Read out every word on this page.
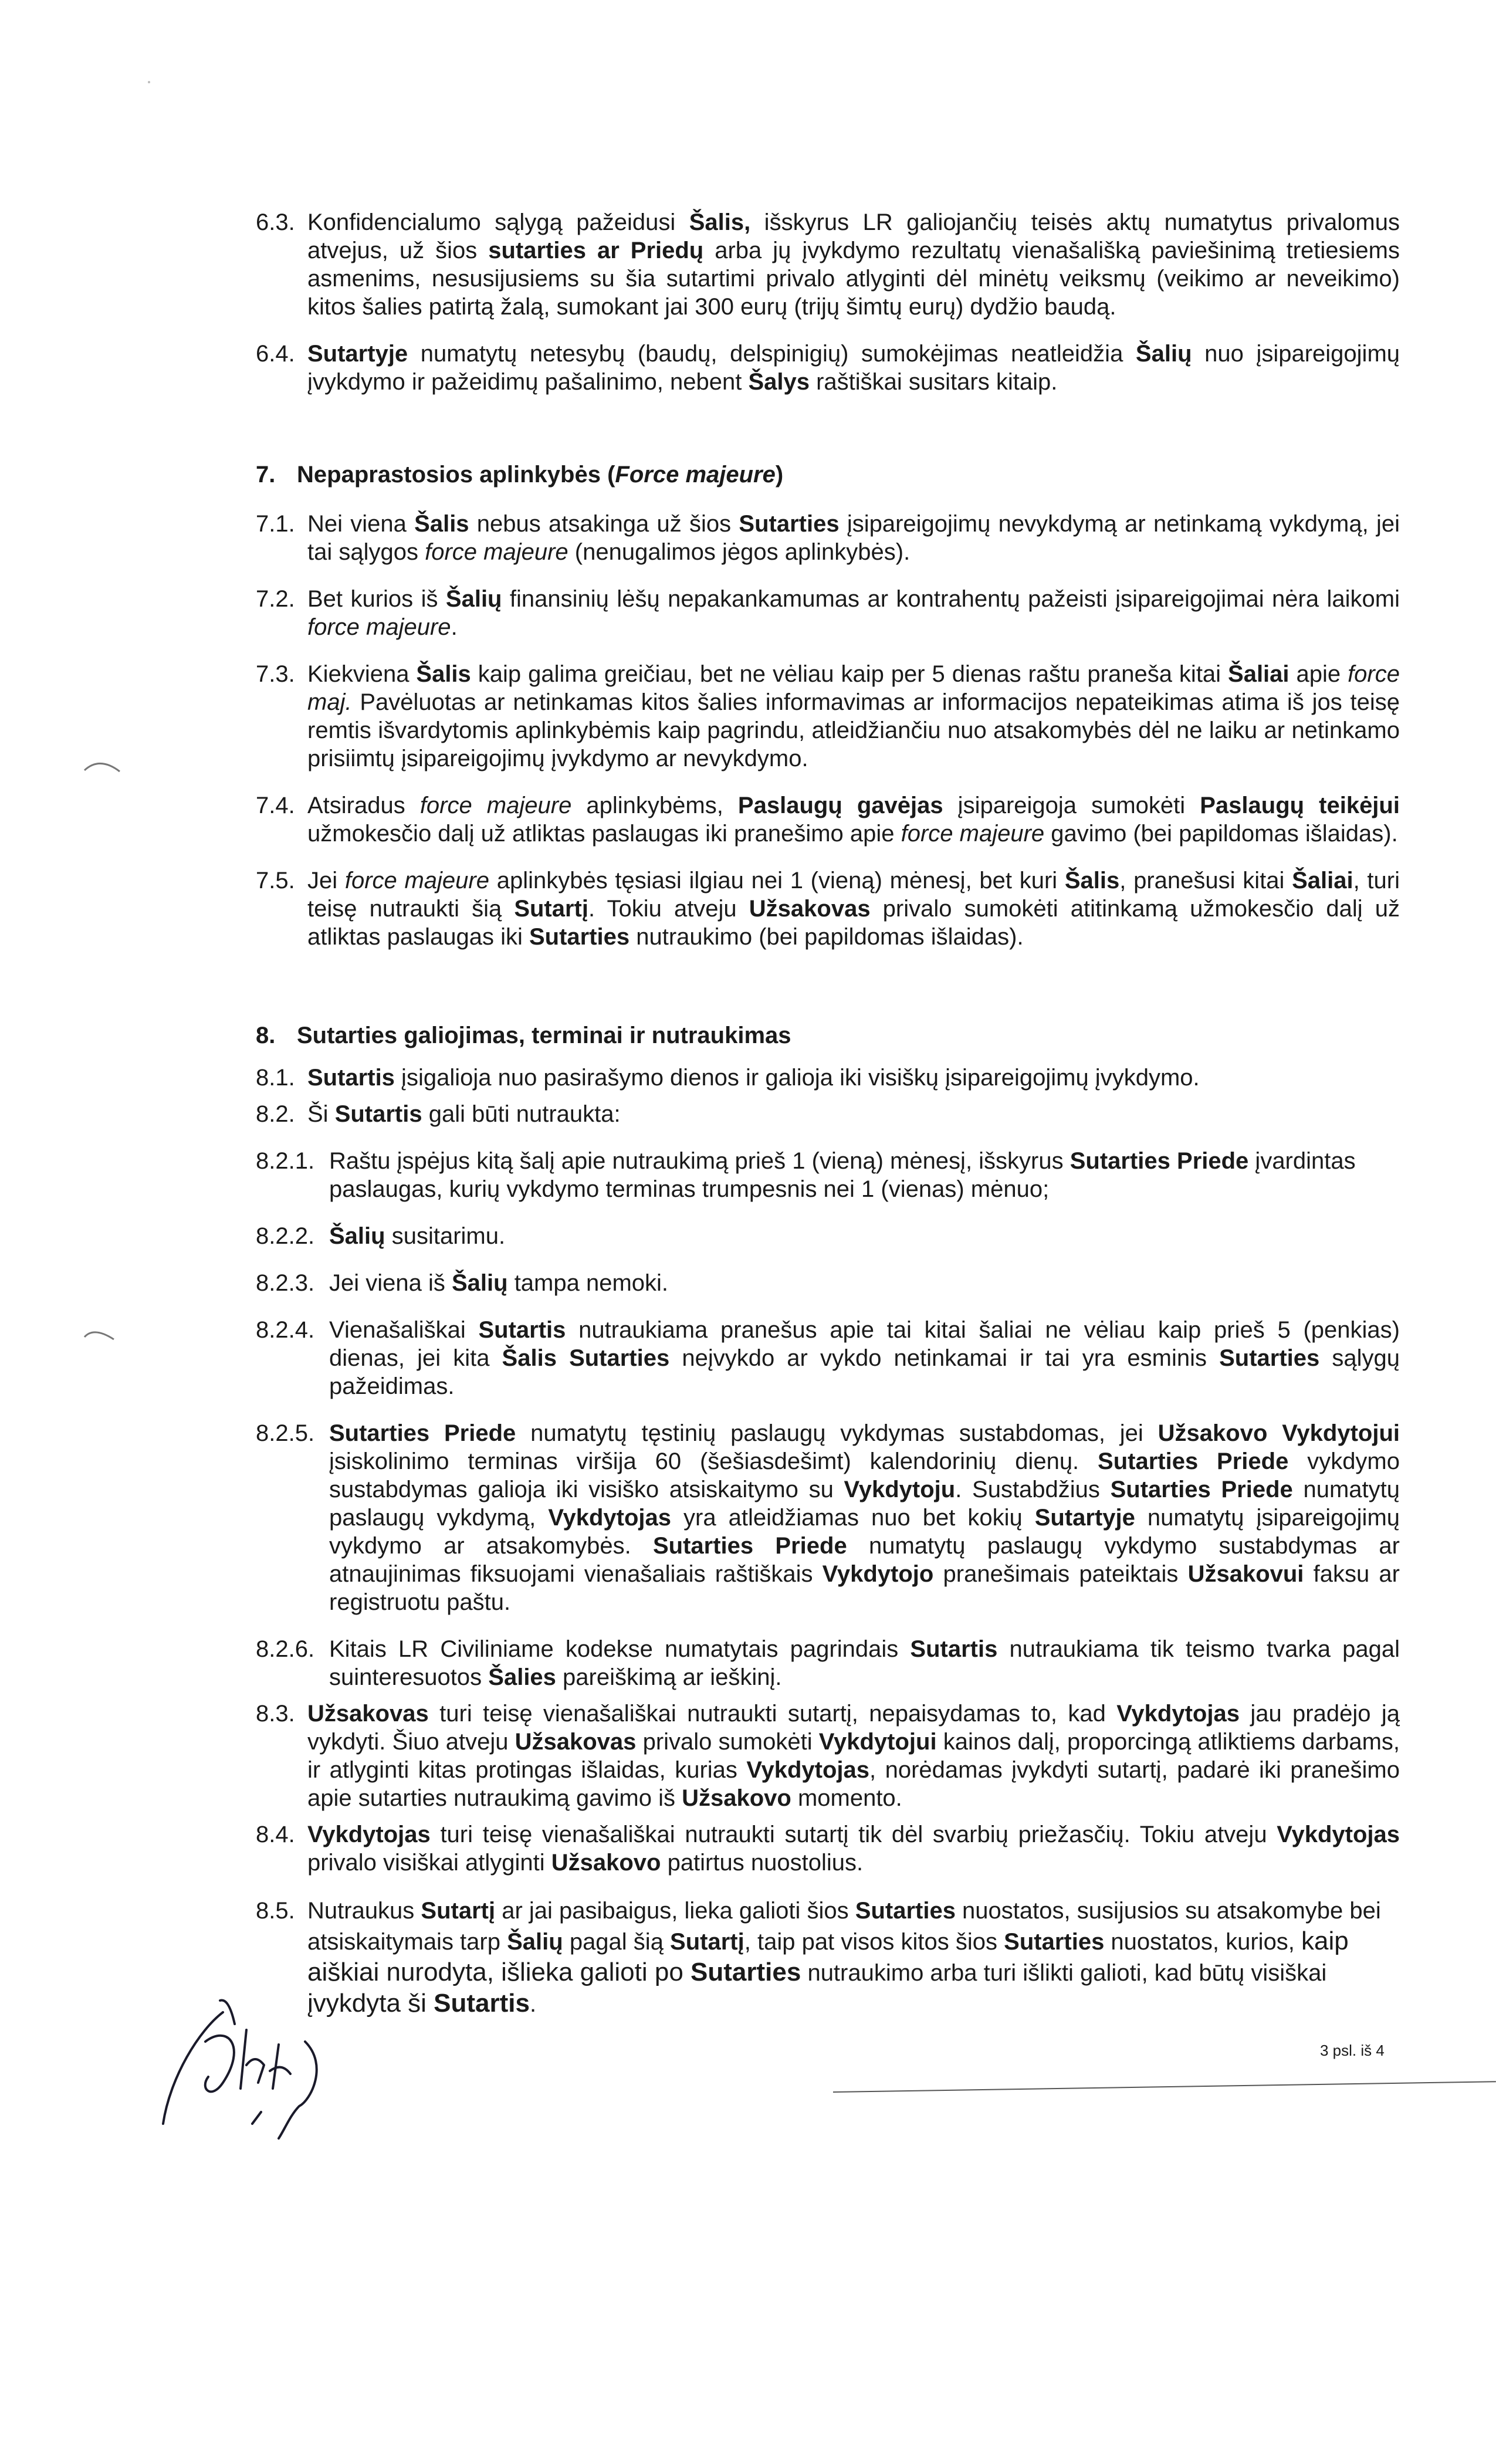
6.3. Konfidencialumo sąlygą pažeidusi Šalis, išskyrus LR galiojančių teisės aktų numatytus privalomus atvejus, už šios sutarties ar Priedų arba jų įvykdymo rezultatų vienašališką paviešinimą tretiesiems asmenims, nesusijusiems su šia sutartimi privalo atlyginti dėl minėtų veiksmų (veikimo ar neveikimo) kitos šalies patirtą žalą, sumokant jai 300 eurų (trijų šimtų eurų) dydžio baudą.
6.4. Sutartyje numatytų netesybų (baudų, delspinigių) sumokėjimas neatleidžia Šalių nuo įsipareigojimų įvykdymo ir pažeidimų pašalinimo, nebent Šalys raštiškai susitars kitaip.
7. Nepaprastosios aplinkybės (Force majeure)
7.1. Nei viena Šalis nebus atsakinga už šios Sutarties įsipareigojimų nevykdymą ar netinkamą vykdymą, jei tai sąlygos force majeure (nenugalimos jėgos aplinkybės).
7.2. Bet kurios iš Šalių finansinių lėšų nepakankamumas ar kontrahentų pažeisti įsipareigojimai nėra laikomi force majeure.
7.3. Kiekviena Šalis kaip galima greičiau, bet ne vėliau kaip per 5 dienas raštu praneša kitai Šaliai apie force maj. Pavėluotas ar netinkamas kitos šalies informavimas ar informacijos nepateikimas atima iš jos teisę remtis išvardytomis aplinkybėmis kaip pagrindu, atleidžiančiu nuo atsakomybės dėl ne laiku ar netinkamo prisiimtų įsipareigojimų įvykdymo ar nevykdymo.
7.4. Atsiradus force majeure aplinkybėms, Paslaugų gavėjas įsipareigoja sumokėti Paslaugų teikėjui užmokesčio dalį už atliktas paslaugas iki pranešimo apie force majeure gavimo (bei papildomas išlaidas).
7.5. Jei force majeure aplinkybės tęsiasi ilgiau nei 1 (vieną) mėnesį, bet kuri Šalis, pranešusi kitai Šaliai, turi teisę nutraukti šią Sutartį. Tokiu atveju Užsakovas privalo sumokėti atitinkamą užmokesčio dalį už atliktas paslaugas iki Sutarties nutraukimo (bei papildomas išlaidas).
8. Sutarties galiojimas, terminai ir nutraukimas
8.1. Sutartis įsigalioja nuo pasirašymo dienos ir galioja iki visiškų įsipareigojimų įvykdymo.
8.2. Ši Sutartis gali būti nutraukta:
8.2.1. Raštu įspėjus kitą šalį apie nutraukimą prieš 1 (vieną) mėnesį, išskyrus Sutarties Priede įvardintas paslaugas, kurių vykdymo terminas trumpesnis nei 1 (vienas) mėnuo;
8.2.2. Šalių susitarimu.
8.2.3. Jei viena iš Šalių tampa nemoki.
8.2.4. Vienašališkai Sutartis nutraukiama pranešus apie tai kitai šaliai ne vėliau kaip prieš 5 (penkias) dienas, jei kita Šalis Sutarties neįvykdo ar vykdo netinkamai ir tai yra esminis Sutarties sąlygų pažeidimas.
8.2.5. Sutarties Priede numatytų tęstinių paslaugų vykdymas sustabdomas, jei Užsakovo Vykdytojui įsiskolinimo terminas viršija 60 (šešiasdešimt) kalendorinių dienų. Sutarties Priede vykdymo sustabdymas galioja iki visiško atsiskaitymo su Vykdytoju. Sustabdžius Sutarties Priede numatytų paslaugų vykdymą, Vykdytojas yra atleidžiamas nuo bet kokių Sutartyje numatytų įsipareigojimų vykdymo ar atsakomybės. Sutarties Priede numatytų paslaugų vykdymo sustabdymas ar atnaujinimas fiksuojami vienašaliais raštiškais Vykdytojo pranešimais pateiktais Užsakovui faksu ar registruotu paštu.
8.2.6. Kitais LR Civiliniame kodekse numatytais pagrindais Sutartis nutraukiama tik teismo tvarka pagal suinteresuotos Šalies pareiškimą ar ieškinį.
8.3. Užsakovas turi teisę vienašališkai nutraukti sutartį, nepaisydamas to, kad Vykdytojas jau pradėjo ją vykdyti. Šiuo atveju Užsakovas privalo sumokėti Vykdytojui kainos dalį, proporcingą atliktiems darbams, ir atlyginti kitas protingas išlaidas, kurias Vykdytojas, norėdamas įvykdyti sutartį, padarė iki pranešimo apie sutarties nutraukimą gavimo iš Užsakovo momento.
8.4. Vykdytojas turi teisę vienašališkai nutraukti sutartį tik dėl svarbių priežasčių. Tokiu atveju Vykdytojas privalo visiškai atlyginti Užsakovo patirtus nuostolius.
8.5. Nutraukus Sutartį ar jai pasibaigus, lieka galioti šios Sutarties nuostatos, susijusios su atsakomybe bei atsiskaitymais tarp Šalių pagal šią Sutartį, taip pat visos kitos šios Sutarties nuostatos, kurios, kaip aiškiai nurodyta, išlieka galioti po Sutarties nutraukimo arba turi išlikti galioti, kad būtų visiškai įvykdyta ši Sutartis.
3 psl. iš 4
